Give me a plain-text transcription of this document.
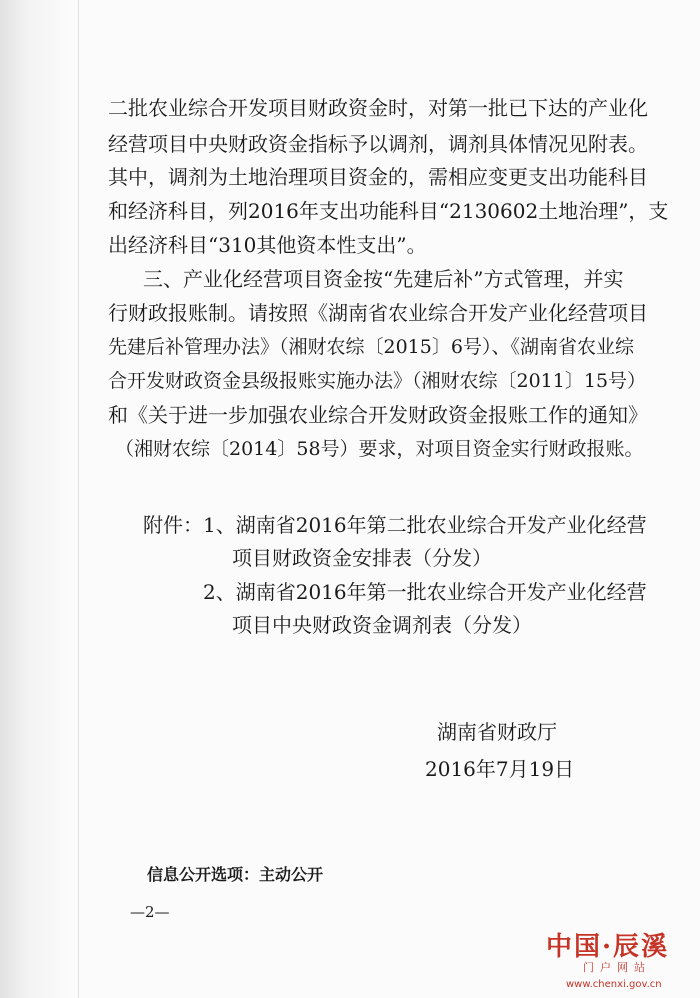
二批农业综合开发项目财政资金时，对第一批已下达的产业化
经营项目中央财政资金指标予以调剂，调剂具体情况见附表。
其中，调剂为土地治理项目资金的，需相应变更支出功能科目
和经济科目，列2016年支出功能科目“2130602土地治理”，支
出经济科目“310其他资本性支出”。
三、产业化经营项目资金按“先建后补”方式管理，并实
行财政报账制。请按照《湖南省农业综合开发产业化经营项目
先建后补管理办法》（湘财农综〔2015〕6号）、《湖南省农业综
合开发财政资金县级报账实施办法》（湘财农综〔2011〕15号）
和《关于进一步加强农业综合开发财政资金报账工作的通知》
（湘财农综〔2014〕58号）要求，对项目资金实行财政报账。
附件： 1、湖南省2016年第二批农业综合开发产业化经营
项目财政资金安排表（分发）
2、湖南省2016年第一批农业综合开发产业化经营
项目中央财政资金调剂表（分发）
湖南省财政厅
2016年7月19日
信息公开选项：主动公开
—2—
中国·辰溪
门户网站
www.chenxi.gov.cn
